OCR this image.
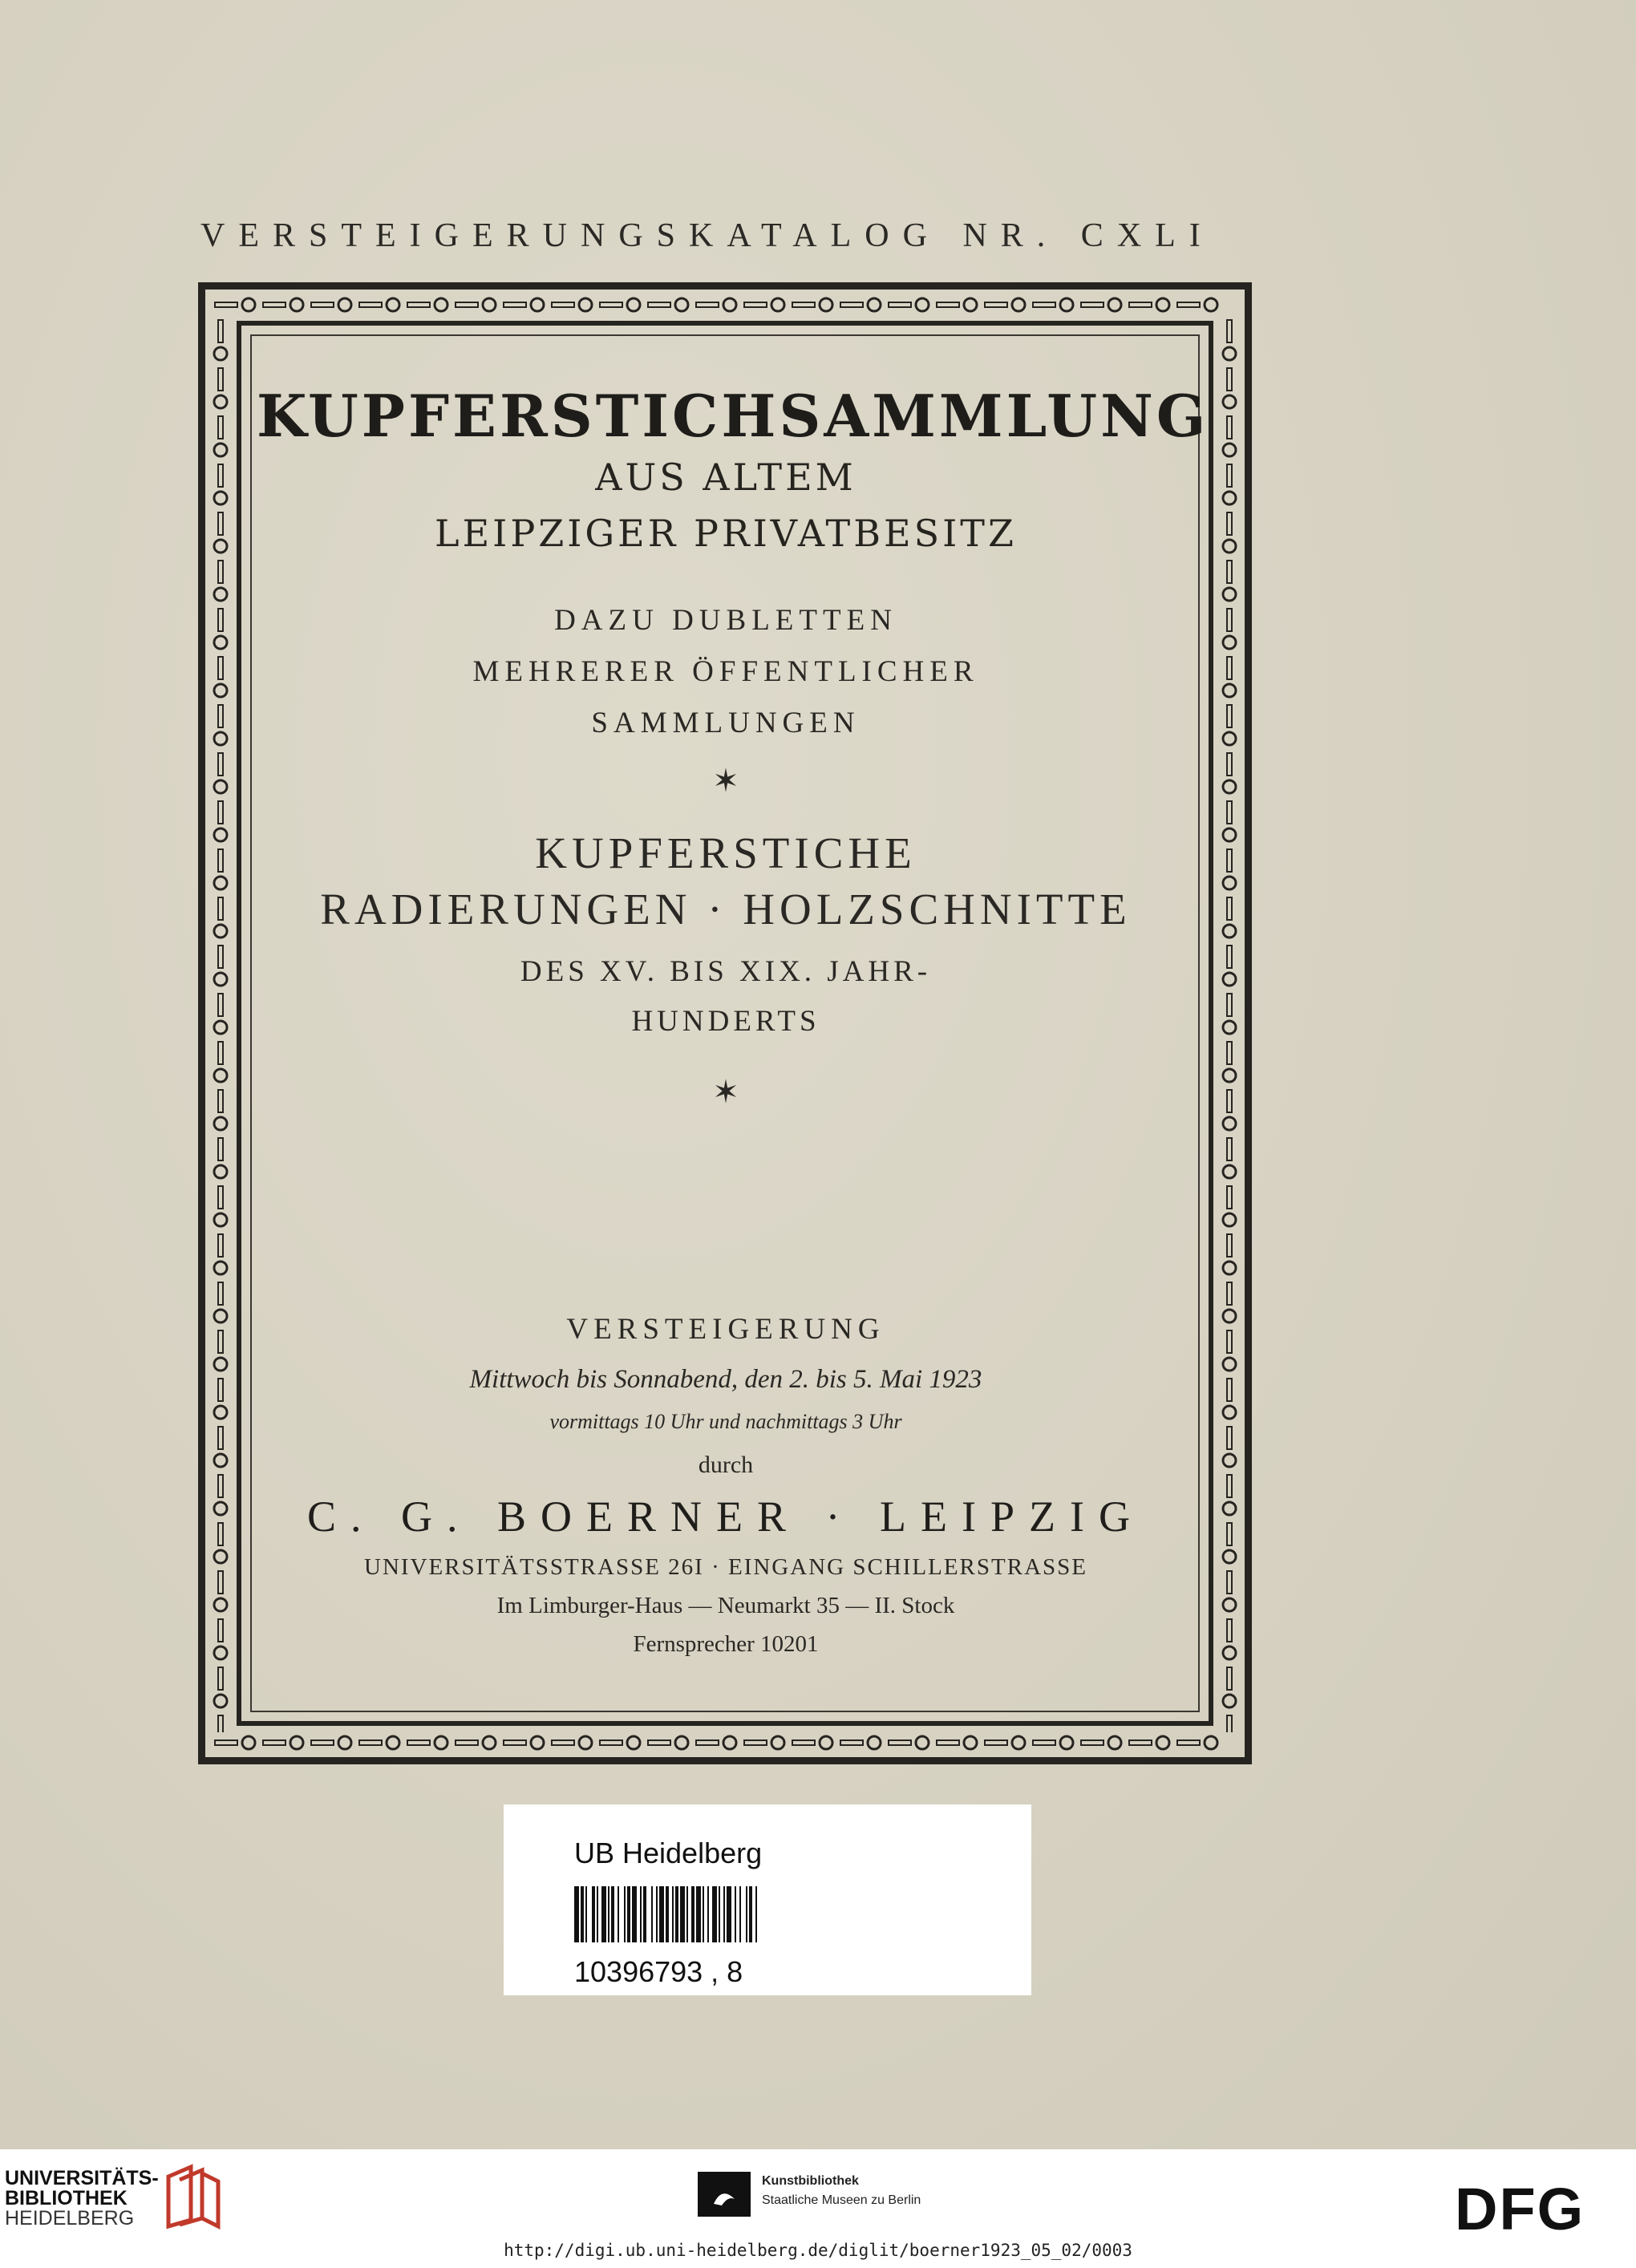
VERSTEIGERUNGSKATALOG NR. CXLI
KUPFERSTICHSAMMLUNG
AUS ALTEM
LEIPZIGER PRIVATBESITZ
DAZU DUBLETTEN
MEHRERER ÖFFENTLICHER
SAMMLUNGEN
✶
KUPFERSTICHE
RADIERUNGEN · HOLZSCHNITTE
DES XV. BIS XIX. JAHR-
HUNDERTS
✶
VERSTEIGERUNG
Mittwoch bis Sonnabend, den 2. bis 5. Mai 1923
vormittags 10 Uhr und nachmittags 3 Uhr
durch
C. G. BOERNER · LEIPZIG
UNIVERSITÄTSSTRASSE 26I · EINGANG SCHILLERSTRASSE
Im Limburger-Haus — Neumarkt 35 — II. Stock
Fernsprecher 10201
UB Heidelberg
10396793 , 8
UNIVERSITÄTS-
BIBLIOTHEK
HEIDELBERG
Kunstbibliothek
Staatliche Museen zu Berlin	DFG
http://digi.ub.uni-heidelberg.de/diglit/boerner1923_05_02/0003
